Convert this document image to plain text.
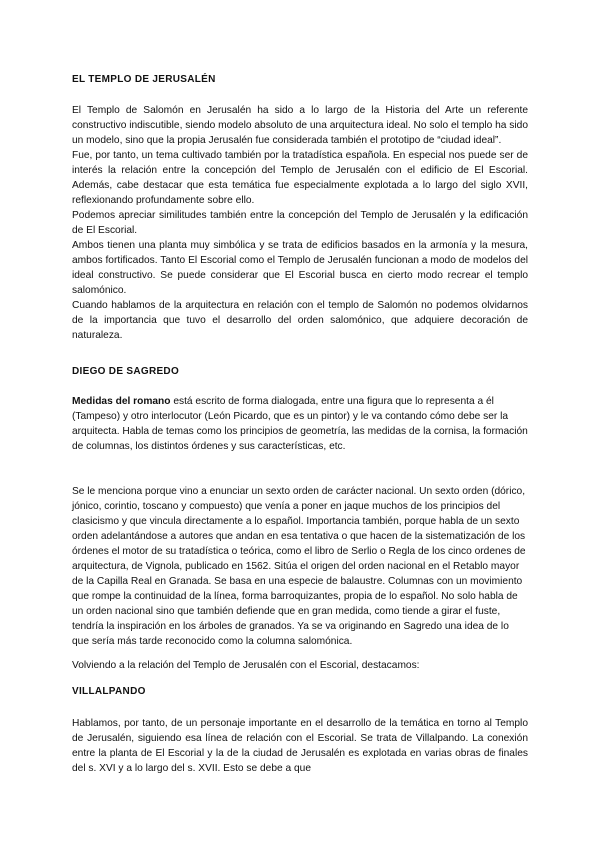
EL TEMPLO DE JERUSALÉN

El Templo de Salomón en Jerusalén ha sido a lo largo de la Historia del Arte un referente constructivo indiscutible, siendo modelo absoluto de una arquitectura ideal. No solo el templo ha sido un modelo, sino que la propia Jerusalén fue considerada también el prototipo de “ciudad ideal”.

Fue, por tanto, un tema cultivado también por la tratadística española. En especial nos puede ser de interés la relación entre la concepción del Templo de Jerusalén con el edificio de El Escorial. Además, cabe destacar que esta temática fue especialmente explotada a lo largo del siglo XVII, reflexionando profundamente sobre ello.

Podemos apreciar similitudes también entre la concepción del Templo de Jerusalén y la edificación de El Escorial.

Ambos tienen una planta muy simbólica y se trata de edificios basados en la armonía y la mesura, ambos fortificados. Tanto El Escorial como el Templo de Jerusalén funcionan a modo de modelos del ideal constructivo. Se puede considerar que El Escorial busca en cierto modo recrear el templo salomónico.

Cuando hablamos de la arquitectura en relación con el templo de Salomón no podemos olvidarnos de la importancia que tuvo el desarrollo del orden salomónico, que adquiere decoración de naturaleza.

DIEGO DE SAGREDO

Medidas del romano está escrito de forma dialogada, entre una figura que lo representa a él (Tampeso) y otro interlocutor (León Picardo, que es un pintor) y le va contando cómo debe ser la arquitecta. Habla de temas como los principios de geometría, las medidas de la cornisa, la formación de columnas, los distintos órdenes y sus características, etc.

Se le menciona porque vino a enunciar un sexto orden de carácter nacional. Un sexto orden (dórico, jónico, corintio, toscano y compuesto) que venía a poner en jaque muchos de los principios del clasicismo y que vincula directamente a lo español. Importancia también, porque habla de un sexto orden adelantándose a autores que andan en esa tentativa o que hacen de la sistematización de los órdenes el motor de su tratadística o teórica, como el libro de Serlio o Regla de los cinco ordenes de arquitectura, de Vignola, publicado en 1562. Sitúa el origen del orden nacional en el Retablo mayor de la Capilla Real en Granada. Se basa en una especie de balaustre. Columnas con un movimiento que rompe la continuidad de la línea, forma barroquizantes, propia de lo español. No solo habla de un orden nacional sino que también defiende que en gran medida, como tiende a girar el fuste, tendría la inspiración en los árboles de granados. Ya se va originando en Sagredo una idea de lo que sería más tarde reconocido como la columna salomónica.

Volviendo a la relación del Templo de Jerusalén con el Escorial, destacamos:

VILLALPANDO

Hablamos, por tanto, de un personaje importante en el desarrollo de la temática en torno al Templo de Jerusalén, siguiendo esa línea de relación con el Escorial. Se trata de Villalpando. La conexión entre la planta de El Escorial y la de la ciudad de Jerusalén es explotada en varias obras de finales del s. XVI y a lo largo del s. XVII. Esto se debe a que
